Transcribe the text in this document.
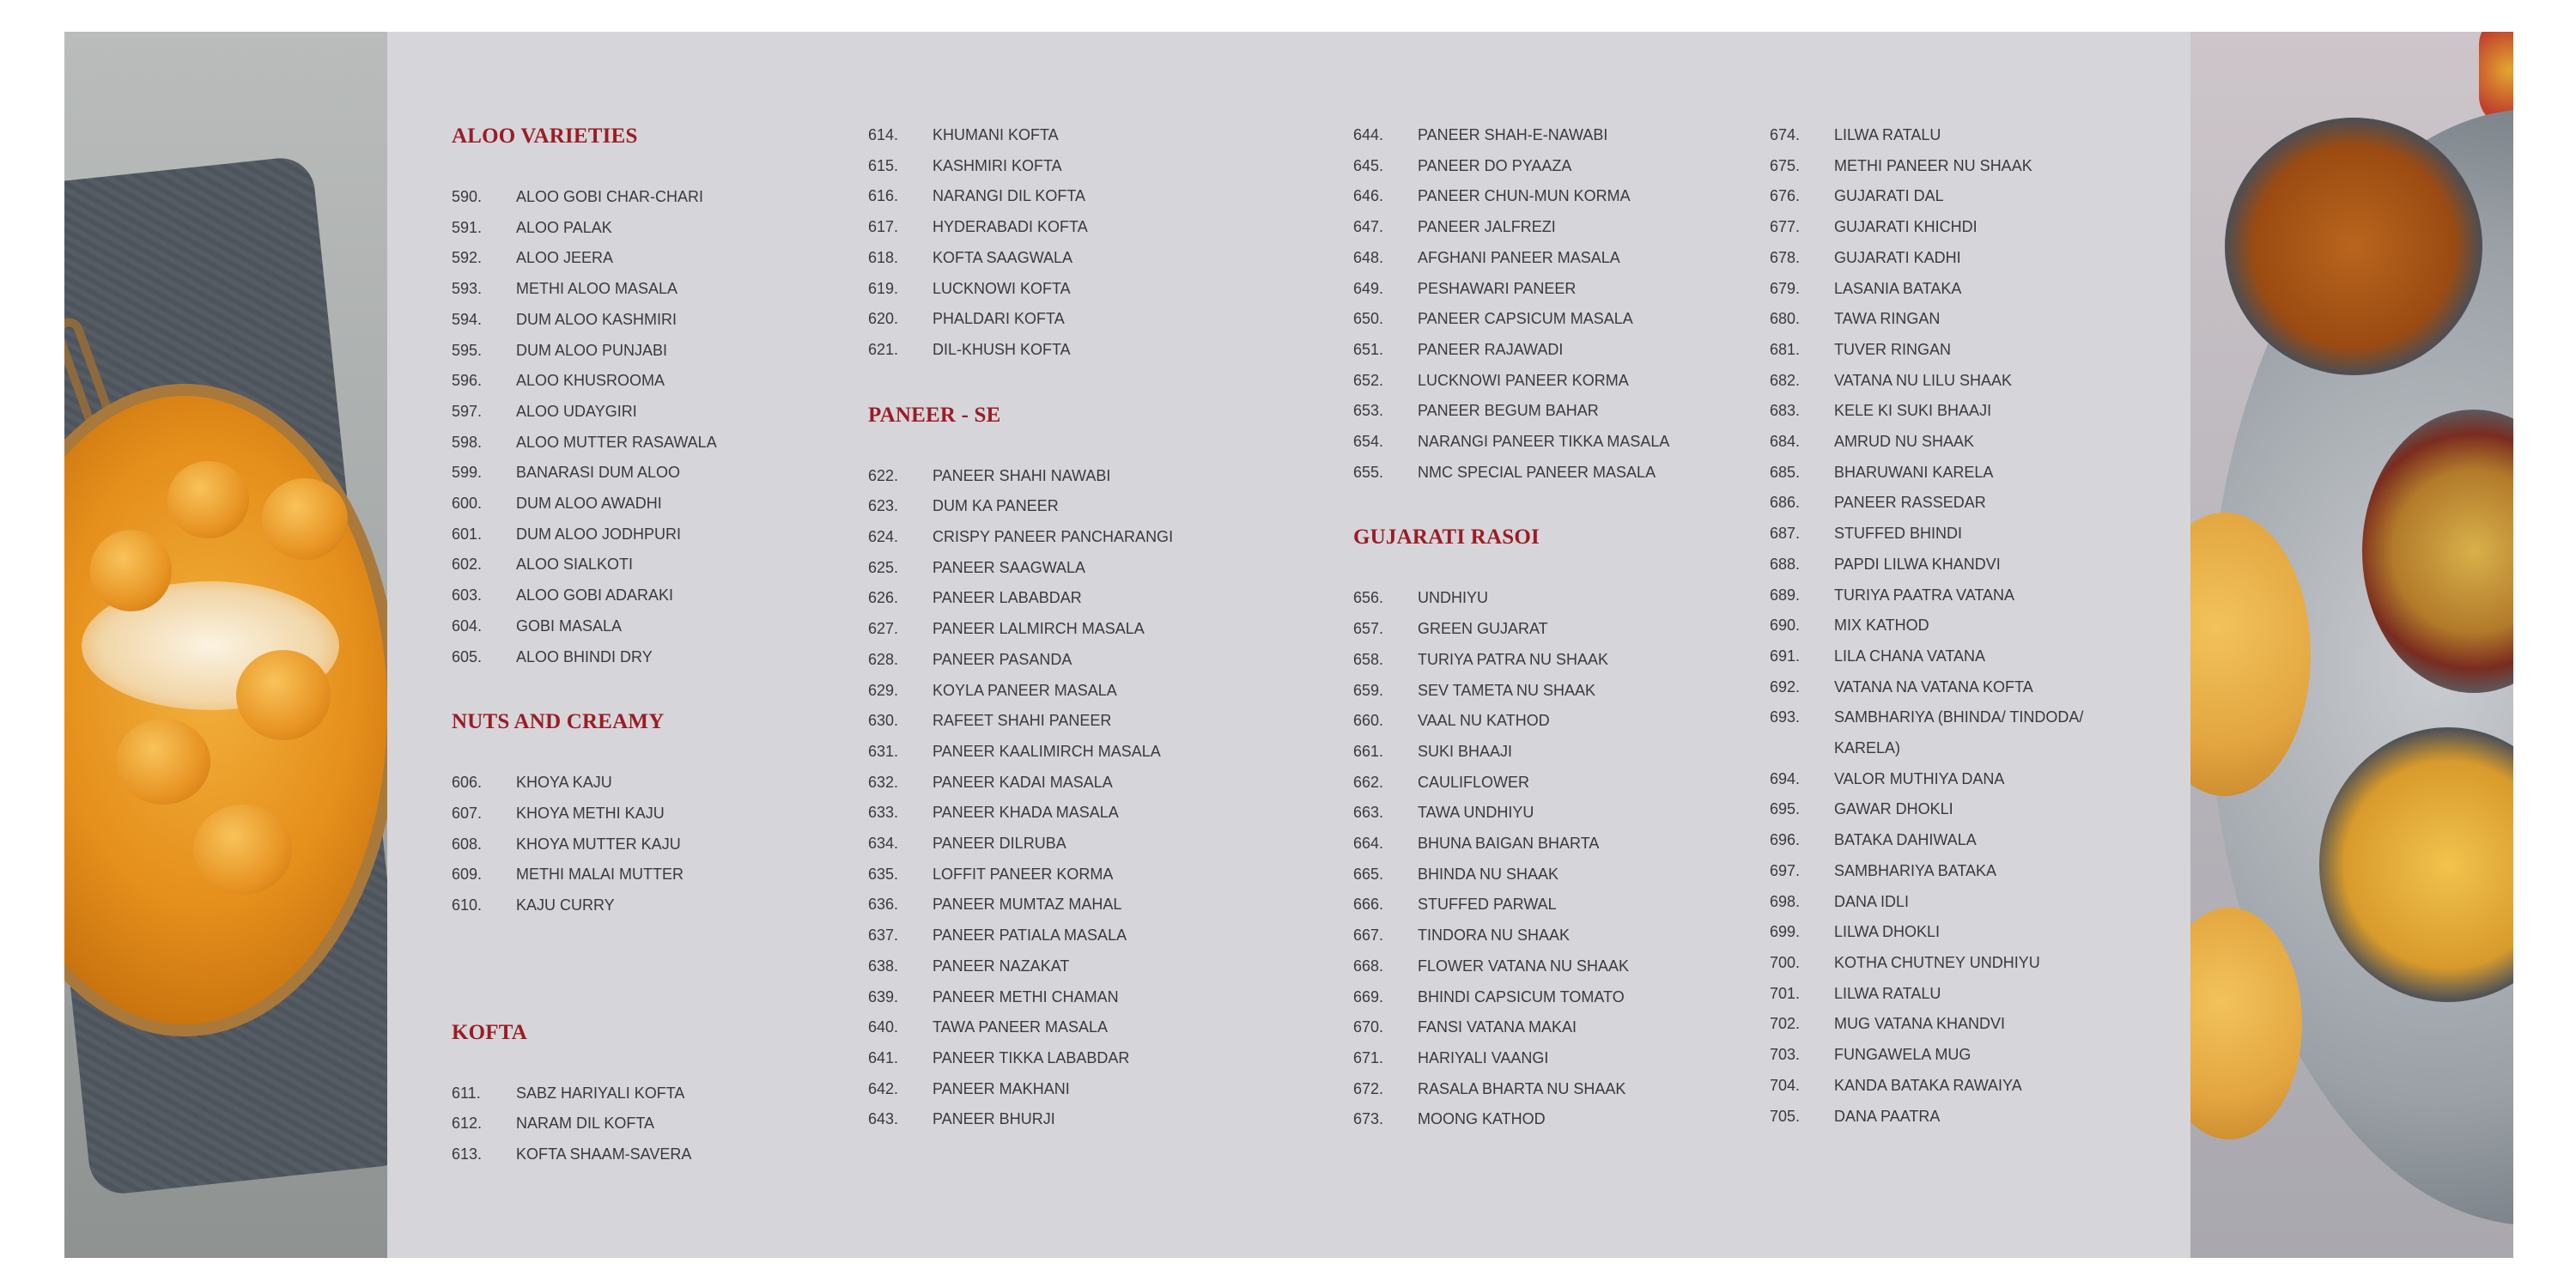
ALOO VARIETIES
590.	ALOO GOBI CHAR-CHARI
591.	ALOO PALAK
592.	ALOO JEERA
593.	METHI ALOO MASALA
594.	DUM ALOO KASHMIRI
595.	DUM ALOO PUNJABI
596.	ALOO KHUSROOMA
597.	ALOO UDAYGIRI
598.	ALOO MUTTER RASAWALA
599.	BANARASI DUM ALOO
600.	DUM ALOO AWADHI
601.	DUM ALOO JODHPURI
602.	ALOO SIALKOTI
603.	ALOO GOBI ADARAKI
604.	GOBI MASALA
605.	ALOO BHINDI DRY
NUTS AND CREAMY
606.	KHOYA KAJU
607.	KHOYA METHI KAJU
608.	KHOYA MUTTER KAJU
609.	METHI MALAI MUTTER
610.	KAJU CURRY
KOFTA
611.	SABZ HARIYALI KOFTA
612.	NARAM DIL KOFTA
613.	KOFTA SHAAM-SAVERA
614.	KHUMANI KOFTA
615.	KASHMIRI KOFTA
616.	NARANGI DIL KOFTA
617.	HYDERABADI KOFTA
618.	KOFTA SAAGWALA
619.	LUCKNOWI KOFTA
620.	PHALDARI KOFTA
621.	DIL-KHUSH KOFTA
PANEER - SE
622.	PANEER SHAHI NAWABI
623.	DUM KA PANEER
624.	CRISPY PANEER PANCHARANGI
625.	PANEER SAAGWALA
626.	PANEER LABABDAR
627.	PANEER LALMIRCH MASALA
628.	PANEER PASANDA
629.	KOYLA PANEER MASALA
630.	RAFEET SHAHI PANEER
631.	PANEER KAALIMIRCH MASALA
632.	PANEER KADAI MASALA
633.	PANEER KHADA MASALA
634.	PANEER DILRUBA
635.	LOFFIT PANEER KORMA
636.	PANEER MUMTAZ MAHAL
637.	PANEER PATIALA MASALA
638.	PANEER NAZAKAT
639.	PANEER METHI CHAMAN
640.	TAWA PANEER MASALA
641.	PANEER TIKKA LABABDAR
642.	PANEER MAKHANI
643.	PANEER BHURJI
644.	PANEER SHAH-E-NAWABI
645.	PANEER DO PYAAZA
646.	PANEER CHUN-MUN KORMA
647.	PANEER JALFREZI
648.	AFGHANI PANEER MASALA
649.	PESHAWARI PANEER
650.	PANEER CAPSICUM MASALA
651.	PANEER RAJAWADI
652.	LUCKNOWI PANEER KORMA
653.	PANEER BEGUM BAHAR
654.	NARANGI PANEER TIKKA MASALA
655.	NMC SPECIAL PANEER MASALA
GUJARATI RASOI
656.	UNDHIYU
657.	GREEN GUJARAT
658.	TURIYA PATRA NU SHAAK
659.	SEV TAMETA NU SHAAK
660.	VAAL NU KATHOD
661.	SUKI BHAAJI
662.	CAULIFLOWER
663.	TAWA UNDHIYU
664.	BHUNA BAIGAN BHARTA
665.	BHINDA NU SHAAK
666.	STUFFED PARWAL
667.	TINDORA NU SHAAK
668.	FLOWER VATANA NU SHAAK
669.	BHINDI CAPSICUM TOMATO
670.	FANSI VATANA MAKAI
671.	HARIYALI VAANGI
672.	RASALA BHARTA NU SHAAK
673.	MOONG KATHOD
674.	LILWA RATALU
675.	METHI PANEER NU SHAAK
676.	GUJARATI DAL
677.	GUJARATI KHICHDI
678.	GUJARATI KADHI
679.	LASANIA BATAKA
680.	TAWA RINGAN
681.	TUVER RINGAN
682.	VATANA NU LILU SHAAK
683.	KELE KI SUKI BHAAJI
684.	AMRUD NU SHAAK
685.	BHARUWANI KARELA
686.	PANEER RASSEDAR
687.	STUFFED BHINDI
688.	PAPDI LILWA KHANDVI
689.	TURIYA PAATRA VATANA
690.	MIX KATHOD
691.	LILA CHANA VATANA
692.	VATANA NA VATANA KOFTA
693.	SAMBHARIYA (BHINDA/ TINDODA/ KARELA)
694.	VALOR MUTHIYA DANA
695.	GAWAR DHOKLI
696.	BATAKA DAHIWALA
697.	SAMBHARIYA BATAKA
698.	DANA IDLI
699.	LILWA DHOKLI
700.	KOTHA CHUTNEY UNDHIYU
701.	LILWA RATALU
702.	MUG VATANA KHANDVI
703.	FUNGAWELA MUG
704.	KANDA BATAKA RAWAIYA
705.	DANA PAATRA
